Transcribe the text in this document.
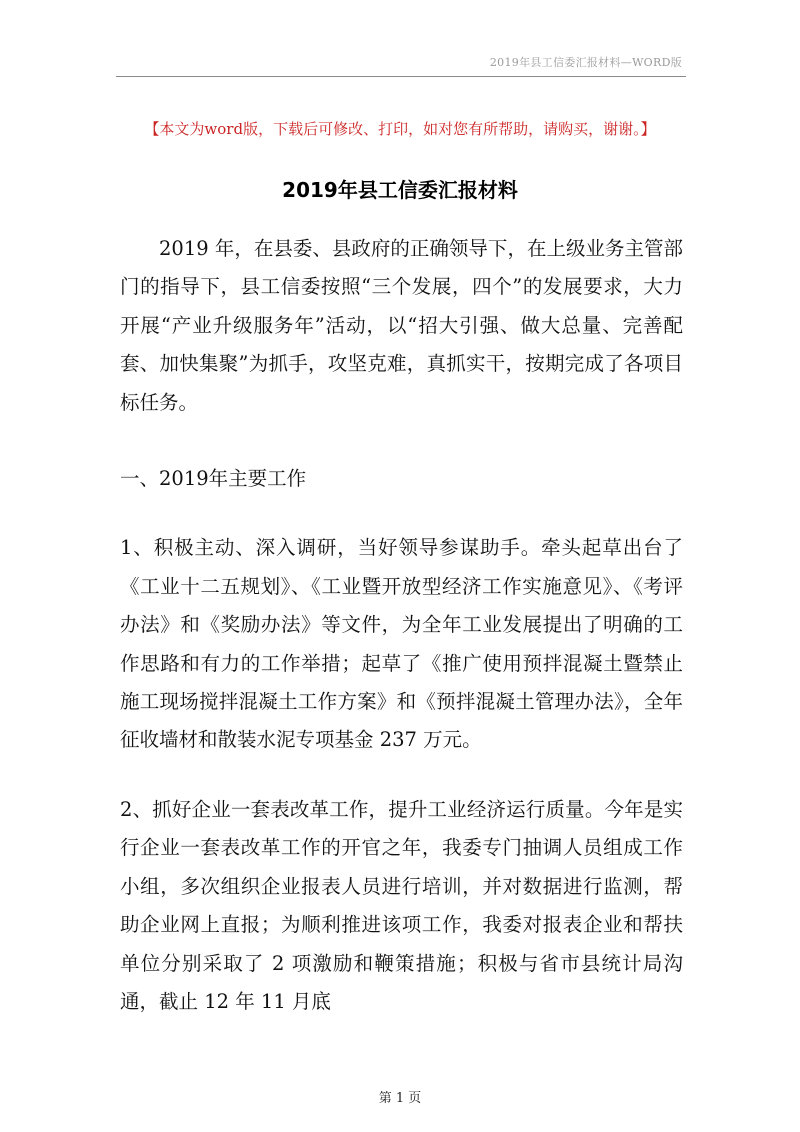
2019年县工信委汇报材料—WORD版
【本文为word版，下载后可修改、打印，如对您有所帮助，请购买，谢谢。】
2019年县工信委汇报材料

2019 年，在县委、县政府的正确领导下，在上级业务主管部门的指导下，县工信委按照“三个发展，四个”的发展要求，大力开展“产业升级服务年”活动，以“招大引强、做大总量、完善配套、加快集聚”为抓手，攻坚克难，真抓实干，按期完成了各项目标任务。

一、2019年主要工作

1、积极主动、深入调研，当好领导参谋助手。牵头起草出台了《工业十二五规划》、《工业暨开放型经济工作实施意见》、《考评办法》和《奖励办法》等文件，为全年工业发展提出了明确的工作思路和有力的工作举措；起草了《推广使用预拌混凝土暨禁止施工现场搅拌混凝土工作方案》和《预拌混凝土管理办法》，全年征收墙材和散装水泥专项基金 237 万元。

2、抓好企业一套表改革工作，提升工业经济运行质量。今年是实行企业一套表改革工作的开官之年，我委专门抽调人员组成工作小组，多次组织企业报表人员进行培训，并对数据进行监测，帮助企业网上直报；为顺利推进该项工作，我委对报表企业和帮扶单位分别采取了 2 项激励和鞭策措施；积极与省市县统计局沟通，截止 12 年 11 月底

第 1 页
